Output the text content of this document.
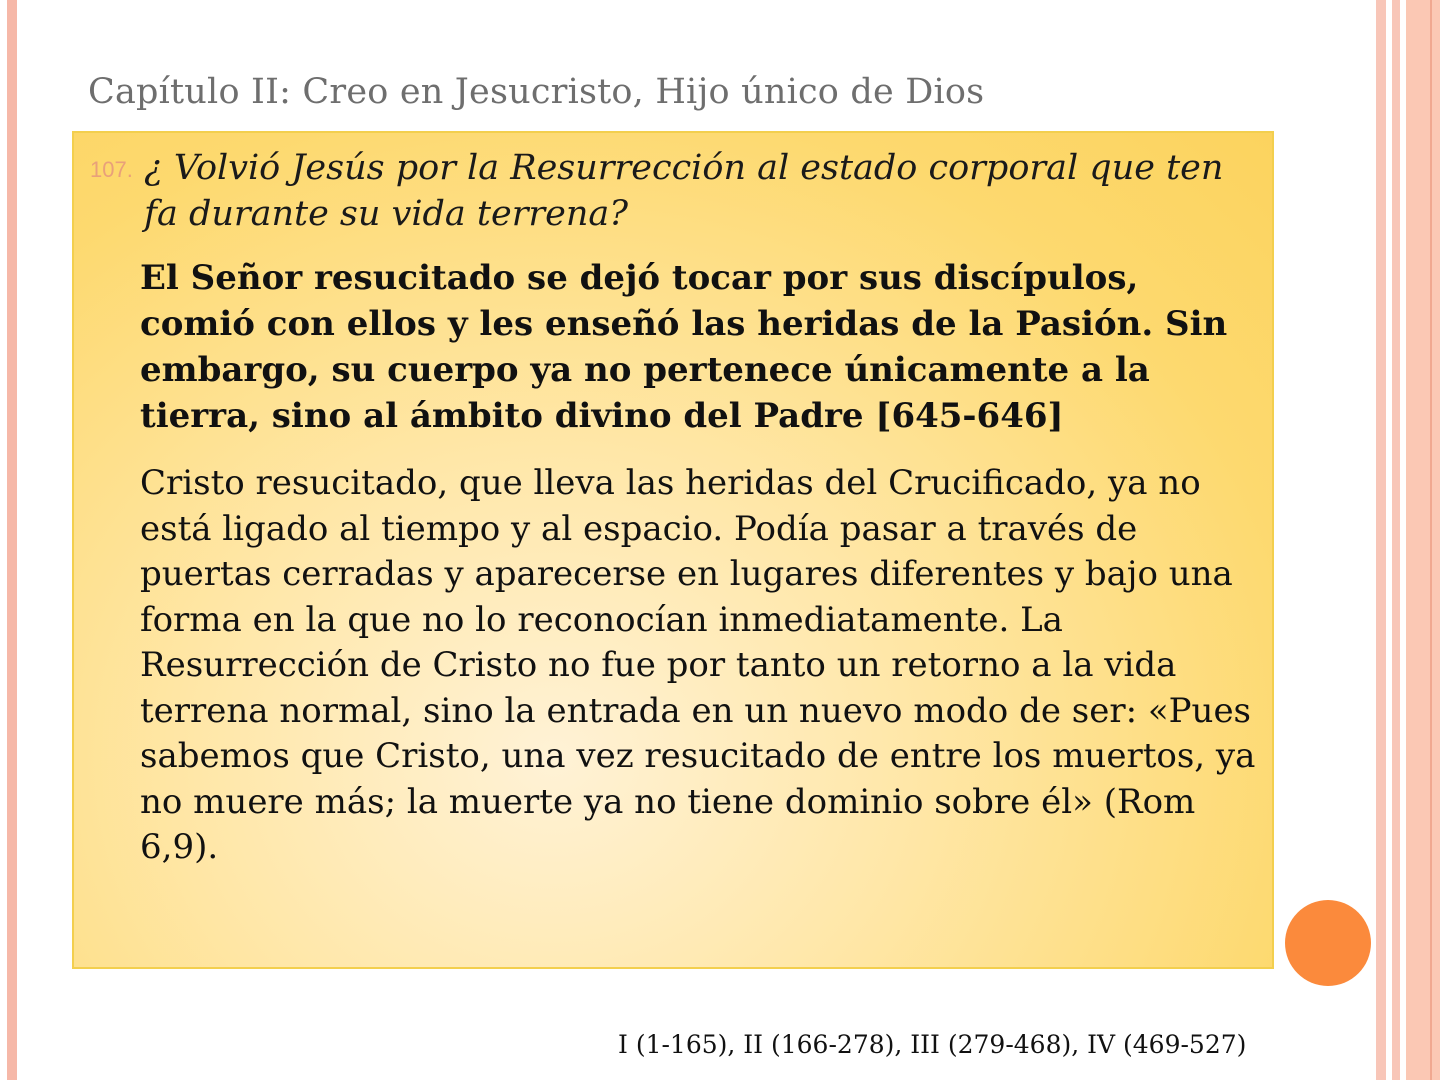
Capítulo II: Creo en Jesucristo, Hijo único de Dios
107. ¿ Volvió Jesús por la Resurrección al estado corporal que ten fa durante su vida terrena?
El Señor resucitado se dejó tocar por sus discípulos, comió con ellos y les enseñó las heridas de la Pasión. Sin embargo, su cuerpo ya no pertenece únicamente a la tierra, sino al ámbito divino del Padre [645-646]
Cristo resucitado, que lleva las heridas del Crucificado, ya no está ligado al tiempo y al espacio. Podía pasar a través de puertas cerradas y aparecerse en lugares diferentes y bajo una forma en la que no lo reconocían inmediatamente. La Resurrección de Cristo no fue por tanto un retorno a la vida terrena normal, sino la entrada en un nuevo modo de ser: «Pues sabemos que Cristo, una vez resucitado de entre los muertos, ya no muere más; la muerte ya no tiene dominio sobre él» (Rom 6,9).
I (1-165), II (166-278), III (279-468), IV (469-527)
